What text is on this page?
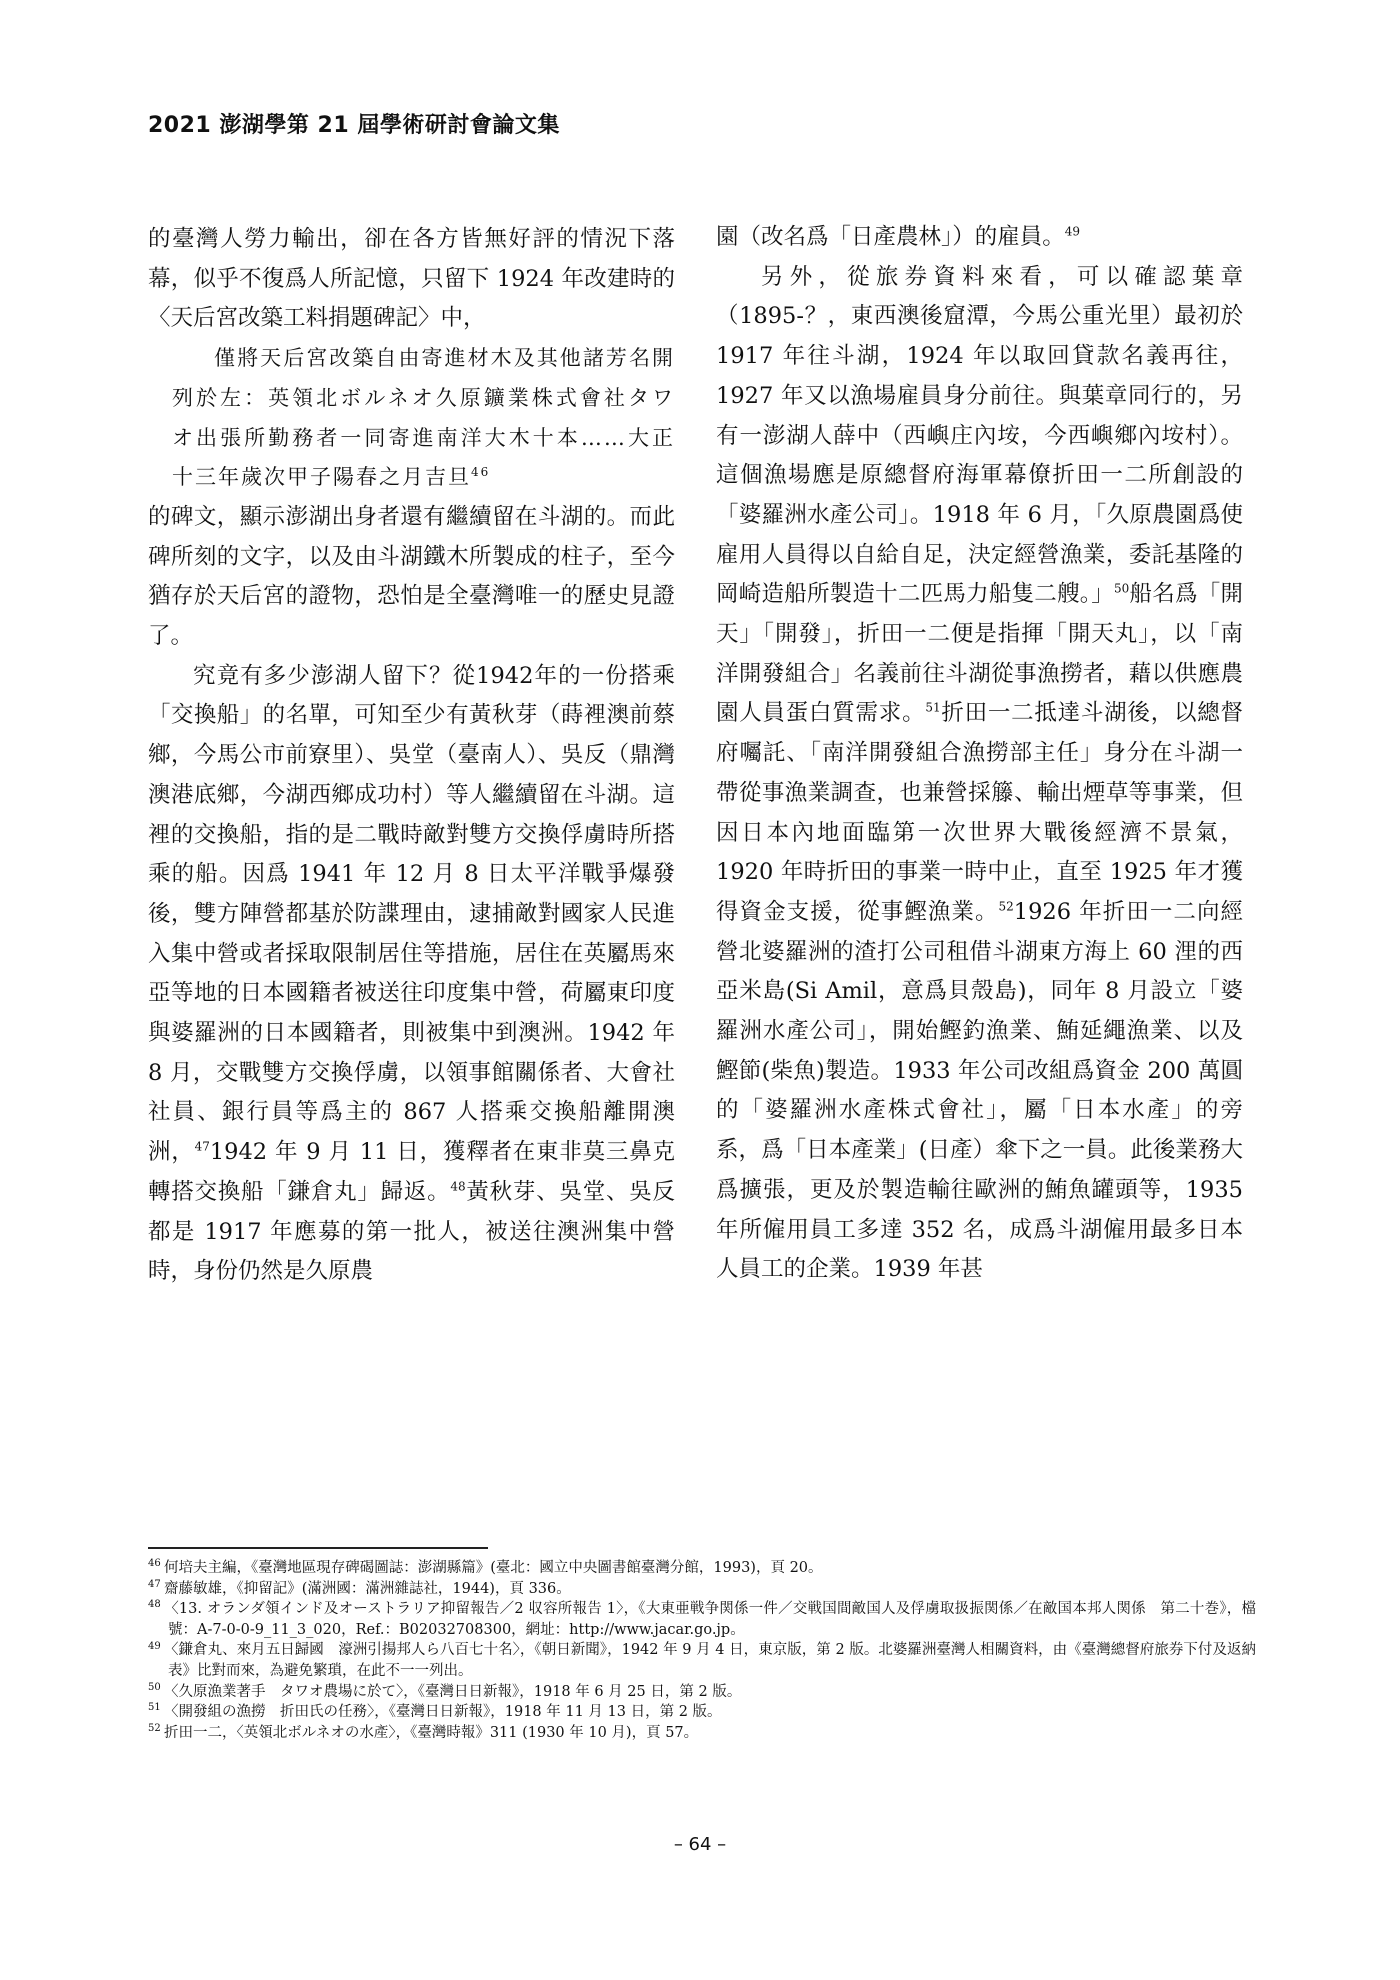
2021 澎湖學第 21 屆學術研討會論文集

的臺灣人勞力輸出，卻在各方皆無好評的情況下落幕，似乎不復爲人所記憶，只留下 1924 年改建時的〈天后宮改築工料捐題碑記〉中，

僅將天后宮改築自由寄進材木及其他諸芳名開列於左：英領北ボルネオ久原鑛業株式會社タワオ出張所勤務者一同寄進南洋大木十本……大正十三年歲次甲子陽春之月吉旦$^{46}$

的碑文，顯示澎湖出身者還有繼續留在斗湖的。而此碑所刻的文字，以及由斗湖鐵木所製成的柱子，至今猶存於天后宮的證物，恐怕是全臺灣唯一的歷史見證了。

究竟有多少澎湖人留下？從1942年的一份搭乘「交換船」的名單，可知至少有黃秋芽（蒔裡澳前蔡鄉，今馬公市前寮里）、吳堂（臺南人）、吳反（鼎灣澳港底鄉，今湖西鄉成功村）等人繼續留在斗湖。這裡的交換船，指的是二戰時敵對雙方交換俘虜時所搭乘的船。因爲 1941 年 12 月 8 日太平洋戰爭爆發後，雙方陣營都基於防諜理由，逮捕敵對國家人民進入集中營或者採取限制居住等措施，居住在英屬馬來亞等地的日本國籍者被送往印度集中營，荷屬東印度與婆羅洲的日本國籍者，則被集中到澳洲。1942 年 8 月，交戰雙方交換俘虜，以領事館關係者、大會社社員、銀行員等爲主的 867 人搭乘交換船離開澳洲，$^{47}$1942 年 9 月 11 日，獲釋者在東非莫三鼻克轉搭交換船「鎌倉丸」歸返。$^{48}$黃秋芽、吳堂、吳反都是 1917 年應募的第一批人，被送往澳洲集中營時，身份仍然是久原農

園（改名爲「日產農林」）的雇員。$^{49}$

另外，從旅券資料來看，可以確認葉章（1895-？，東西澳後窟潭，今馬公重光里）最初於 1917 年往斗湖，1924 年以取回貸款名義再往，1927 年又以漁場雇員身分前往。與葉章同行的，另有一澎湖人薛中（西嶼庄內垵，今西嶼鄉內垵村）。這個漁場應是原總督府海軍幕僚折田一二所創設的「婆羅洲水產公司」。1918 年 6 月，「久原農園爲使雇用人員得以自給自足，決定經營漁業，委託基隆的岡崎造船所製造十二匹馬力船隻二艘。」$^{50}$船名爲「開天」「開發」，折田一二便是指揮「開天丸」，以「南洋開發組合」名義前往斗湖從事漁撈者，藉以供應農園人員蛋白質需求。$^{51}$折田一二抵達斗湖後，以總督府囑託、「南洋開發組合漁撈部主任」身分在斗湖一帶從事漁業調查，也兼營採籐、輸出煙草等事業，但因日本內地面臨第一次世界大戰後經濟不景氣，1920 年時折田的事業一時中止，直至 1925 年才獲得資金支援，從事鰹漁業。$^{52}$1926 年折田一二向經營北婆羅洲的渣打公司租借斗湖東方海上 60 浬的西亞米島(Si Amil，意爲貝殼島)，同年 8 月設立「婆羅洲水產公司」，開始鰹釣漁業、鮪延繩漁業、以及鰹節(柴魚)製造。1933 年公司改組爲資金 200 萬圓的「婆羅洲水產株式會社」，屬「日本水產」的旁系，爲「日本產業」(日產）傘下之一員。此後業務大爲擴張，更及於製造輸往歐洲的鮪魚罐頭等，1935 年所僱用員工多達 352 名，成爲斗湖僱用最多日本人員工的企業。1939 年甚

$^{46}$ 何培夫主編，《臺灣地區現存碑碣圖誌：澎湖縣篇》(臺北：國立中央圖書館臺灣分館，1993)，頁 20。

$^{47}$ 齋藤敏雄，《抑留記》(滿洲國：滿洲雜誌社，1944)，頁 336。

$^{48}$ 〈13. オランダ領インド及オーストラリア抑留報告／2 収容所報告 1〉，《大東亜戦争関係一件／交戦国間敵国人及俘虜取扱振関係／在敵国本邦人関係　第二十巻》，檔號：A-7-0-0-9_11_3_020，Ref.：B02032708300，網址：http://www.jacar.go.jp。

$^{49}$ 〈鎌倉丸、來月五日歸國　濠洲引揚邦人ら八百七十名〉，《朝日新聞》，1942 年 9 月 4 日，東京版，第 2 版。北婆羅洲臺灣人相關資料，由《臺灣總督府旅券下付及返納表》比對而來，為避免繁瑣，在此不一一列出。

$^{50}$ 〈久原漁業著手　タワオ農場に於て〉，《臺灣日日新報》，1918 年 6 月 25 日，第 2 版。

$^{51}$ 〈開發組の漁撈　折田氏の任務〉，《臺灣日日新報》，1918 年 11 月 13 日，第 2 版。

$^{52}$ 折田一二，〈英領北ボルネオの水產〉，《臺灣時報》311 (1930 年 10 月)，頁 57。

– 64 –
